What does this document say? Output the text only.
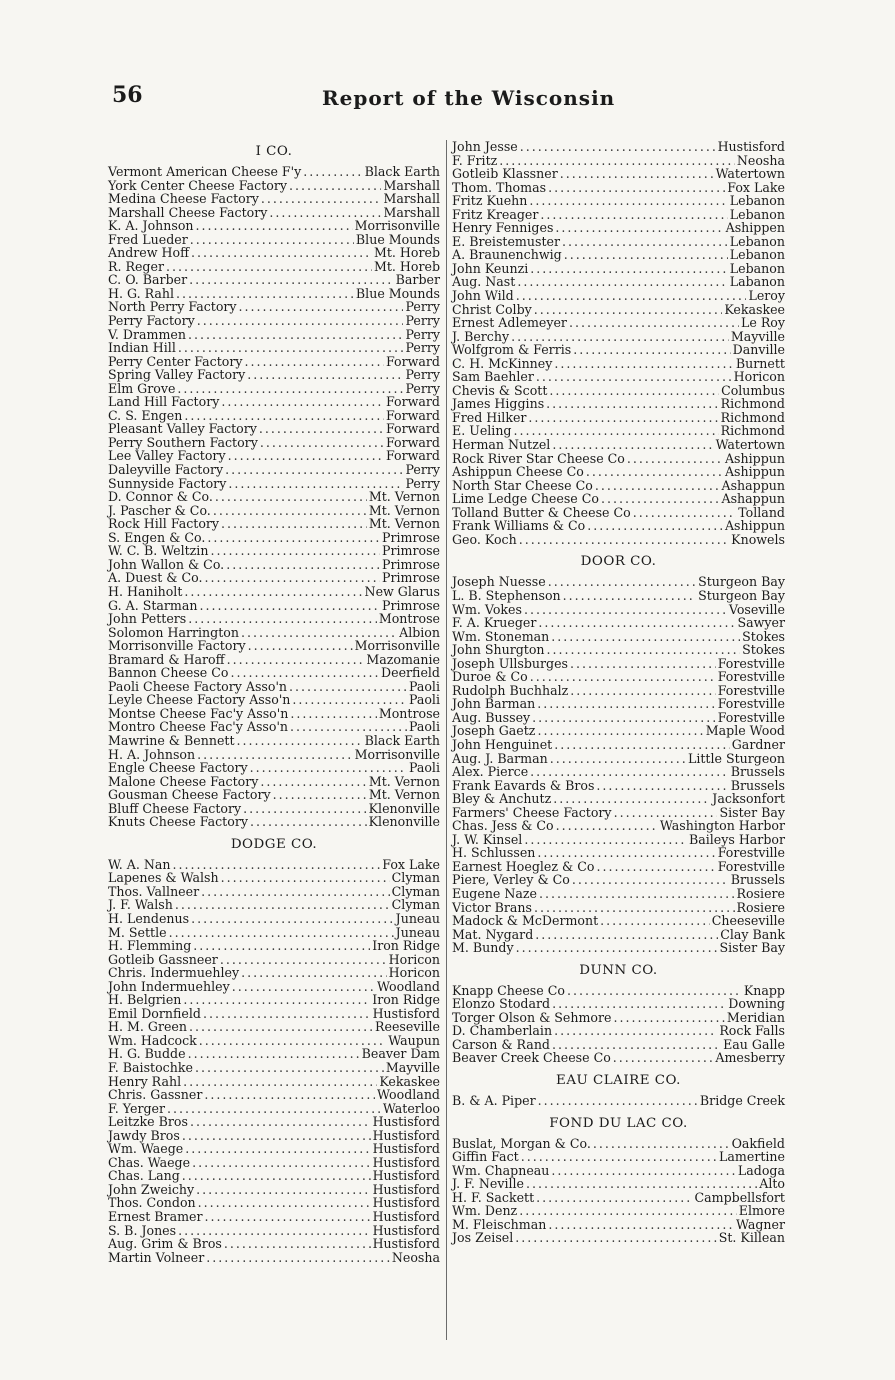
56	Report of the Wisconsin
I CO.
Vermont American Cheese F'y .....	Black Earth
York Center Cheese Factory .....	Marshall
Medina Cheese Factory .....	Marshall
Marshall Cheese Factory .....	Marshall
K. A. Johnson .....	Morrisonville
Fred Lueder .....	Blue Mounds
Andrew Hoff .....	Mt. Horeb
R. Reger .....	Mt. Horeb
C. O. Barber .....	Barber
H. G. Rahl .....	Blue Mounds
North Perry Factory .....	Perry
Perry Factory .....	Perry
V. Drammen .....	Perry
Indian Hill .....	Perry
Perry Center Factory .....	Forward
Spring Valley Factory .....	Perry
Elm Grove .....	Perry
Land Hill Factory .....	Forward
C. S. Engen .....	Forward
Pleasant Valley Factory .....	Forward
Perry Southern Factory .....	Forward
Lee Valley Factory .....	Forward
Daleyville Factory .....	Perry
Sunnyside Factory .....	Perry
D. Connor & Co. .....	Mt. Vernon
J. Pascher & Co. .....	Mt. Vernon
Rock Hill Factory .....	Mt. Vernon
S. Engen & Co. .....	Primrose
W. C. B. Weltzin .....	Primrose
John Wallon & Co. .....	Primrose
A. Duest & Co. .....	Primrose
H. Haniholt .....	New Glarus
G. A. Starman .....	Primrose
John Petters .....	Montrose
Solomon Harrington .....	Albion
Morrisonville Factory .....	Morrisonville
Bramard & Haroff .....	Mazomanie
Bannon Cheese Co .....	Deerfield
Paoli Cheese Factory Asso'n .....	Paoli
Leyle Cheese Factory Asso'n .....	Paoli
Montse Cheese Fac'y Asso'n .....	Montrose
Montro Cheese Fac'y Asso'n .....	Paoli
Mawrine & Bennett .....	Black Earth
H. A. Johnson .....	Morrisonville
Engle Cheese Factory .....	Paoli
Malone Cheese Factory .....	Mt. Vernon
Gousman Cheese Factory .....	Mt. Vernon
Bluff Cheese Factory .....	Klenonville
Knuts Cheese Factory .....	Klenonville
DODGE CO.
W. A. Nan .....	Fox Lake
Lapenes & Walsh .....	Clyman
Thos. Vallneer .....	Clyman
J. F. Walsh .....	Clyman
H. Lendenus .....	Juneau
M. Settle .....	Juneau
H. Flemming .....	Iron Ridge
Gotleib Gassneer .....	Horicon
Chris. Indermuehley .....	Horicon
John Indermuehley .....	Woodland
H. Belgrien .....	Iron Ridge
Emil Dornfield .....	Hustisford
H. M. Green .....	Reeseville
Wm. Hadcock .....	Waupun
H. G. Budde .....	Beaver Dam
F. Baistochke .....	Mayville
Henry Rahl .....	Kekaskee
Chris. Gassner .....	Woodland
F. Yerger .....	Waterloo
Leitzke Bros .....	Hustisford
Jawdy Bros .....	Hustisford
Wm. Waege .....	Hustisford
Chas. Waege .....	Hustisford
Chas. Lang .....	Hustisford
John Zweichy .....	Hustisford
Thos. Condon .....	Hustisford
Ernest Bramer .....	Hustisford
S. B. Jones .....	Hustisford
Aug. Grim & Bros .....	Hustisford
Martin Volneer .....	Neosha
John Jesse .....	Hustisford
F. Fritz .....	Neosha
Gotleib Klassner .....	Watertown
Thom. Thomas .....	Fox Lake
Fritz Kuehn .....	Lebanon
Fritz Kreager .....	Lebanon
Henry Fenniges .....	Ashippen
E. Breistemuster .....	Lebanon
A. Braunenchwig .....	Lebanon
John Keunzi .....	Lebanon
Aug. Nast .....	Labanon
John Wild .....	Leroy
Christ Colby .....	Kekaskee
Ernest Adlemeyer .....	Le Roy
J. Berchy .....	Mayville
Wolfgrom & Ferris .....	Danville
C. H. McKinney .....	Burnett
Sam Baehler .....	Horicon
Chevis & Scott .....	Columbus
James Higgins .....	Richmond
Fred Hilker .....	Richmond
E. Ueling .....	Richmond
Herman Nutzel .....	Watertown
Rock River Star Cheese Co .....	Ashippun
Ashippun Cheese Co .....	Ashippun
North Star Cheese Co .....	Ashappun
Lime Ledge Cheese Co .....	Ashappun
Tolland Butter & Cheese Co .....	Tolland
Frank Williams & Co .....	Ashippun
Geo. Koch .....	Knowels
DOOR CO.
Joseph Nuesse .....	Sturgeon Bay
L. B. Stephenson .....	Sturgeon Bay
Wm. Vokes .....	Voseville
F. A. Krueger .....	Sawyer
Wm. Stoneman .....	Stokes
John Shurgton .....	Stokes
Joseph Ullsburges .....	Forestville
Duroe & Co .....	Forestville
Rudolph Buchhalz .....	Forestville
John Barman .....	Forestville
Aug. Bussey .....	Forestville
Joseph Gaetz .....	Maple Wood
John Henguinet .....	Gardner
Aug. J. Barman .....	Little Sturgeon
Alex. Pierce .....	Brussels
Frank Eavards & Bros .....	Brussels
Bley & Anchutz .....	Jacksonfort
Farmers' Cheese Factory .....	Sister Bay
Chas. Jess & Co .....	Washington Harbor
J. W. Kinsel .....	Baileys Harbor
H. Schlussen .....	Forestville
Earnest Hoeglez & Co .....	Forestville
Piere, Verley & Co .....	Brussels
Eugene Naze .....	Rosiere
Victor Brans .....	Rosiere
Madock & McDermont .....	Cheeseville
Mat. Nygard .....	Clay Bank
M. Bundy .....	Sister Bay
DUNN CO.
Knapp Cheese Co .....	Knapp
Elonzo Stodard .....	Downing
Torger Olson & Sehmore .....	Meridian
D. Chamberlain .....	Rock Falls
Carson & Rand .....	Eau Galle
Beaver Creek Cheese Co .....	Amesberry
EAU CLAIRE CO.
B. & A. Piper .....	Bridge Creek
FOND DU LAC CO.
Buslat, Morgan & Co. .....	Oakfield
Giffin Fact .....	Lamertine
Wm. Chapneau .....	Ladoga
J. F. Neville .....	Alto
H. F. Sackett .....	Campbellsfort
Wm. Denz .....	Elmore
M. Fleischman .....	Wagner
Jos Zeisel .....	St. Killean
